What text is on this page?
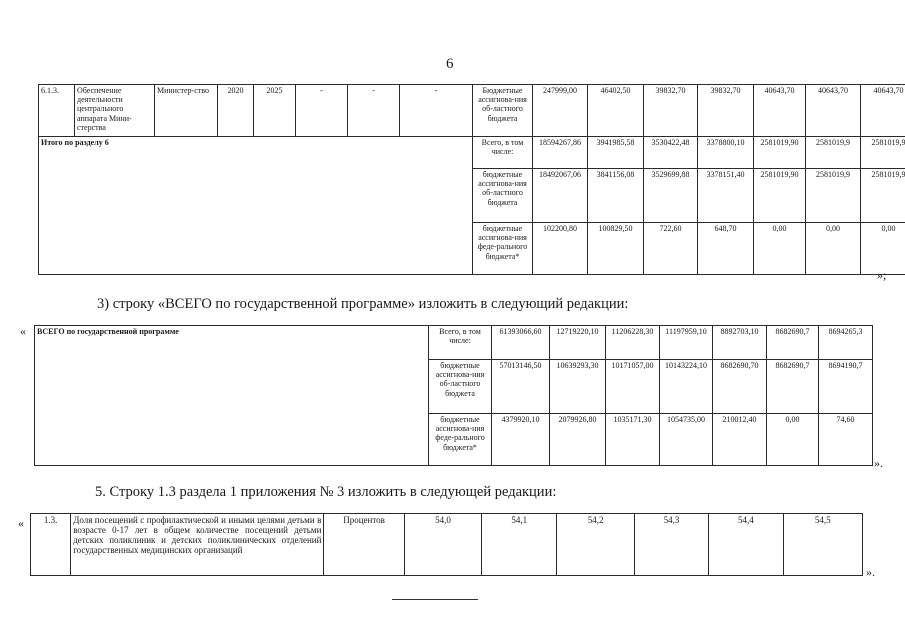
6
6.1.3.	Обеспечение деятельности центрального аппарата Мини-стерства	Министер-ство	2020	2025	-	-	-	Бюджетные ассигнова-ния об-ластного бюджета	247999,00	46402,50	39832,70	39832,70	40643,70	40643,70	40643,70
Итого по разделу 6								Всего, в том числе:	18594267,86	3941985,58	3530422,48	3378800,10	2581019,90	2581019,9	2581019,9
								бюджетные ассигнова-ния об-ластного бюджета	18492067,06	3841156,08	3529699,88	3378151,40	2581019,90	2581019,9	2581019,9
								бюджетные ассигнова-ния феде-рального бюджета*	102200,80	100829,50	722,60	648,70	0,00	0,00	0,00
»;
3) строку «ВСЕГО по государственной программе» изложить в следующий редакции:
« ВСЕГО по государственной программе	Всего, в том числе:	61393066,60	12719220,10	11206228,30	11197959,10	8892703,10	8682690,7	8694265,3
	бюджетные ассигнова-ния об-ластного бюджета	57013146,50	10639293,30	10171057,00	10143224,10	8682690,70	8682690,7	8694190,7
	бюджетные ассигнова-ния феде-рального бюджета*	4379920,10	2079926,80	1035171,30	1054735,00	210012,40	0,00	74,60
».
5. Строку 1.3 раздела 1 приложения № 3 изложить в следующей редакции:
« 1.3.	Доля посещений с профилактической и иными целями детьми в возрасте 0-17 лет в общем количестве посещений детьми детских поликлиник и детских поликлинических отделений государственных медицинских организаций	Процентов	54,0	54,1	54,2	54,3	54,4	54,5
».
